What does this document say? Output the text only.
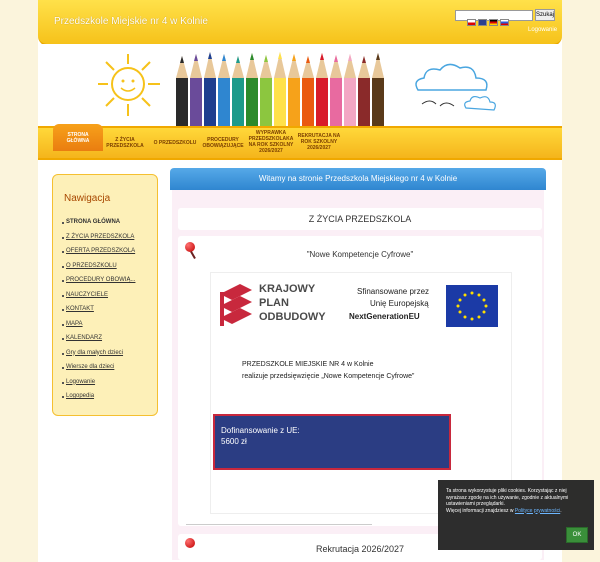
Przedszkole Miejskie nr 4 w Kolnie
Szukaj
Logowanie
STRONA GŁÓWNA	Z ŻYCIA PRZEDSZKOLA	O PRZEDSZKOLU	PROCEDURY OBOWIĄZUJĄCE
WYPRAWKA PRZEDSZKOLAKA NA ROK SZKOLNY 2026/2027
REKRUTACJA NA ROK SZKOLNY 2026/2027
Nawigacja
STRONA GŁÓWNA
Z ŻYCIA PRZEDSZKOLA
OFERTA PRZEDSZKOLA
O PRZEDSZKOLU
PROCEDURY OBOWIĄ...
NAUCZYCIELE
KONTAKT
MAPA
KALENDARZ
Gry dla małych dzieci
Wiersze dla dzieci
Logowanie
Logopedia
Witamy na stronie Przedszkola Miejskiego nr 4 w Kolnie
Z ŻYCIA PRZEDSZKOLA
"Nowe Kompetencje Cyfrowe"
KRAJOWY
PLAN
ODBUDOWY
Sfinansowane przez
Unię Europejską
NextGenerationEU
PRZEDSZKOLE MIEJSKIE NR 4 w Kolnie
realizuje przedsięwzięcie „Nowe Kompetencje Cyfrowe”
Dofinansowanie z UE:
5600 zł
Rekrutacja 2026/2027
Ta strona wykorzystuje pliki cookies. Korzystając z niej wyrażasz zgodę na ich używanie, zgodnie z aktualnymi ustawieniami przeglądarki.
Więcej informacji znajdziesz w Polityce prywatności.
OK
